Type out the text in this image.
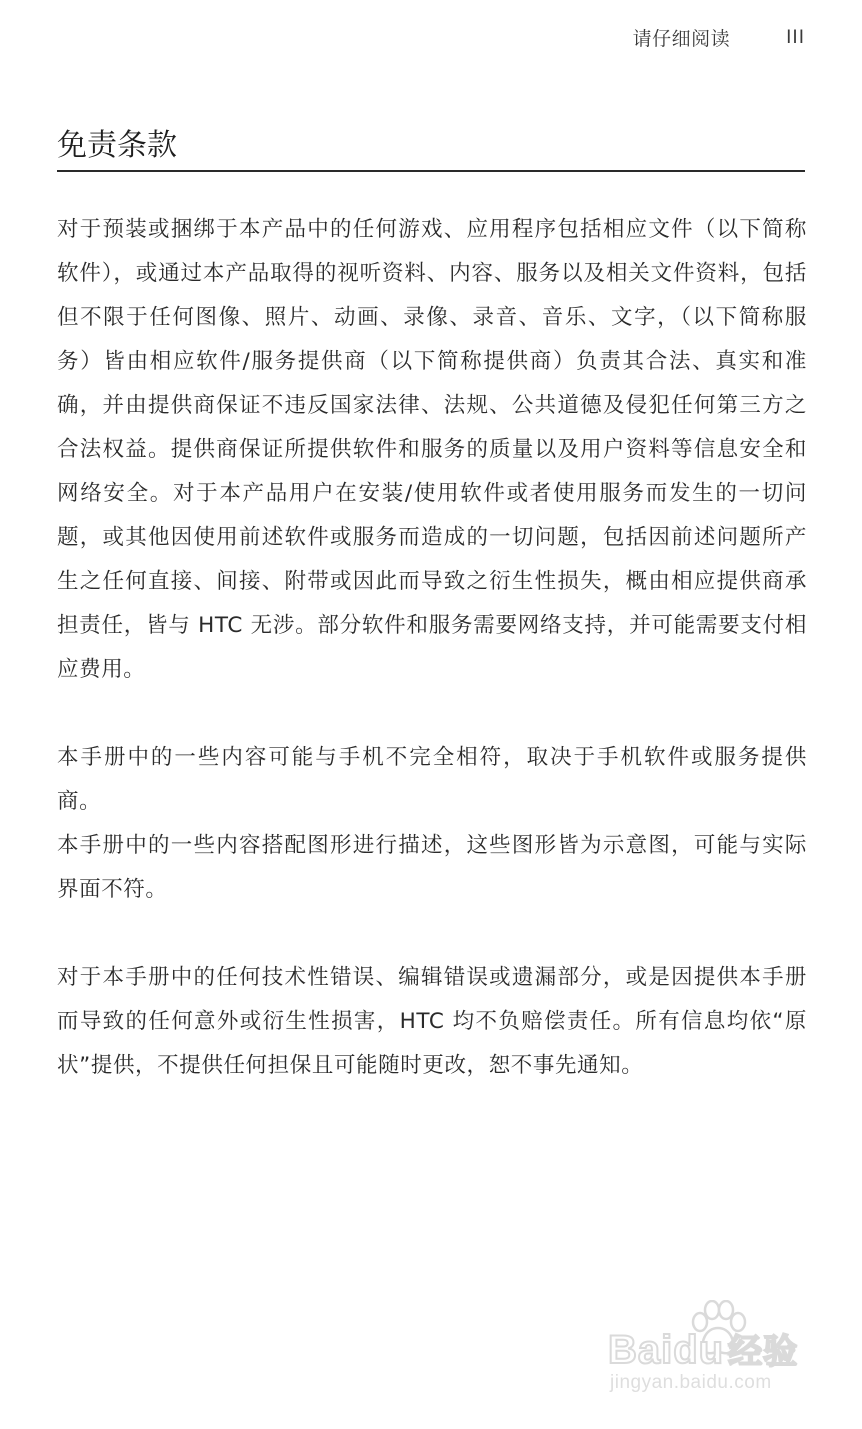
请仔细阅读	III
免责条款

对于预装或捆绑于本产品中的任何游戏、应用程序包括相应文件（以下简称软件），或通过本产品取得的视听资料、内容、服务以及相关文件资料，包括但不限于任何图像、照片、动画、录像、录音、音乐、文字，（以下简称服务）皆由相应软件/服务提供商（以下简称提供商）负责其合法、真实和准确，并由提供商保证不违反国家法律、法规、公共道德及侵犯任何第三方之合法权益。提供商保证所提供软件和服务的质量以及用户资料等信息安全和网络安全。对于本产品用户在安装/使用软件或者使用服务而发生的一切问题，或其他因使用前述软件或服务而造成的一切问题，包括因前述问题所产生之任何直接、间接、附带或因此而导致之衍生性损失，概由相应提供商承担责任，皆与 HTC 无涉。部分软件和服务需要网络支持，并可能需要支付相应费用。

本手册中的一些内容可能与手机不完全相符，取决于手机软件或服务提供商。

本手册中的一些内容搭配图形进行描述，这些图形皆为示意图，可能与实际界面不符。

对于本手册中的任何技术性错误、编辑错误或遗漏部分，或是因提供本手册而导致的任何意外或衍生性损害，HTC 均不负赔偿责任。所有信息均依“原状”提供，不提供任何担保且可能随时更改，恕不事先通知。

Baidu 经验
jingyan.baidu.com
